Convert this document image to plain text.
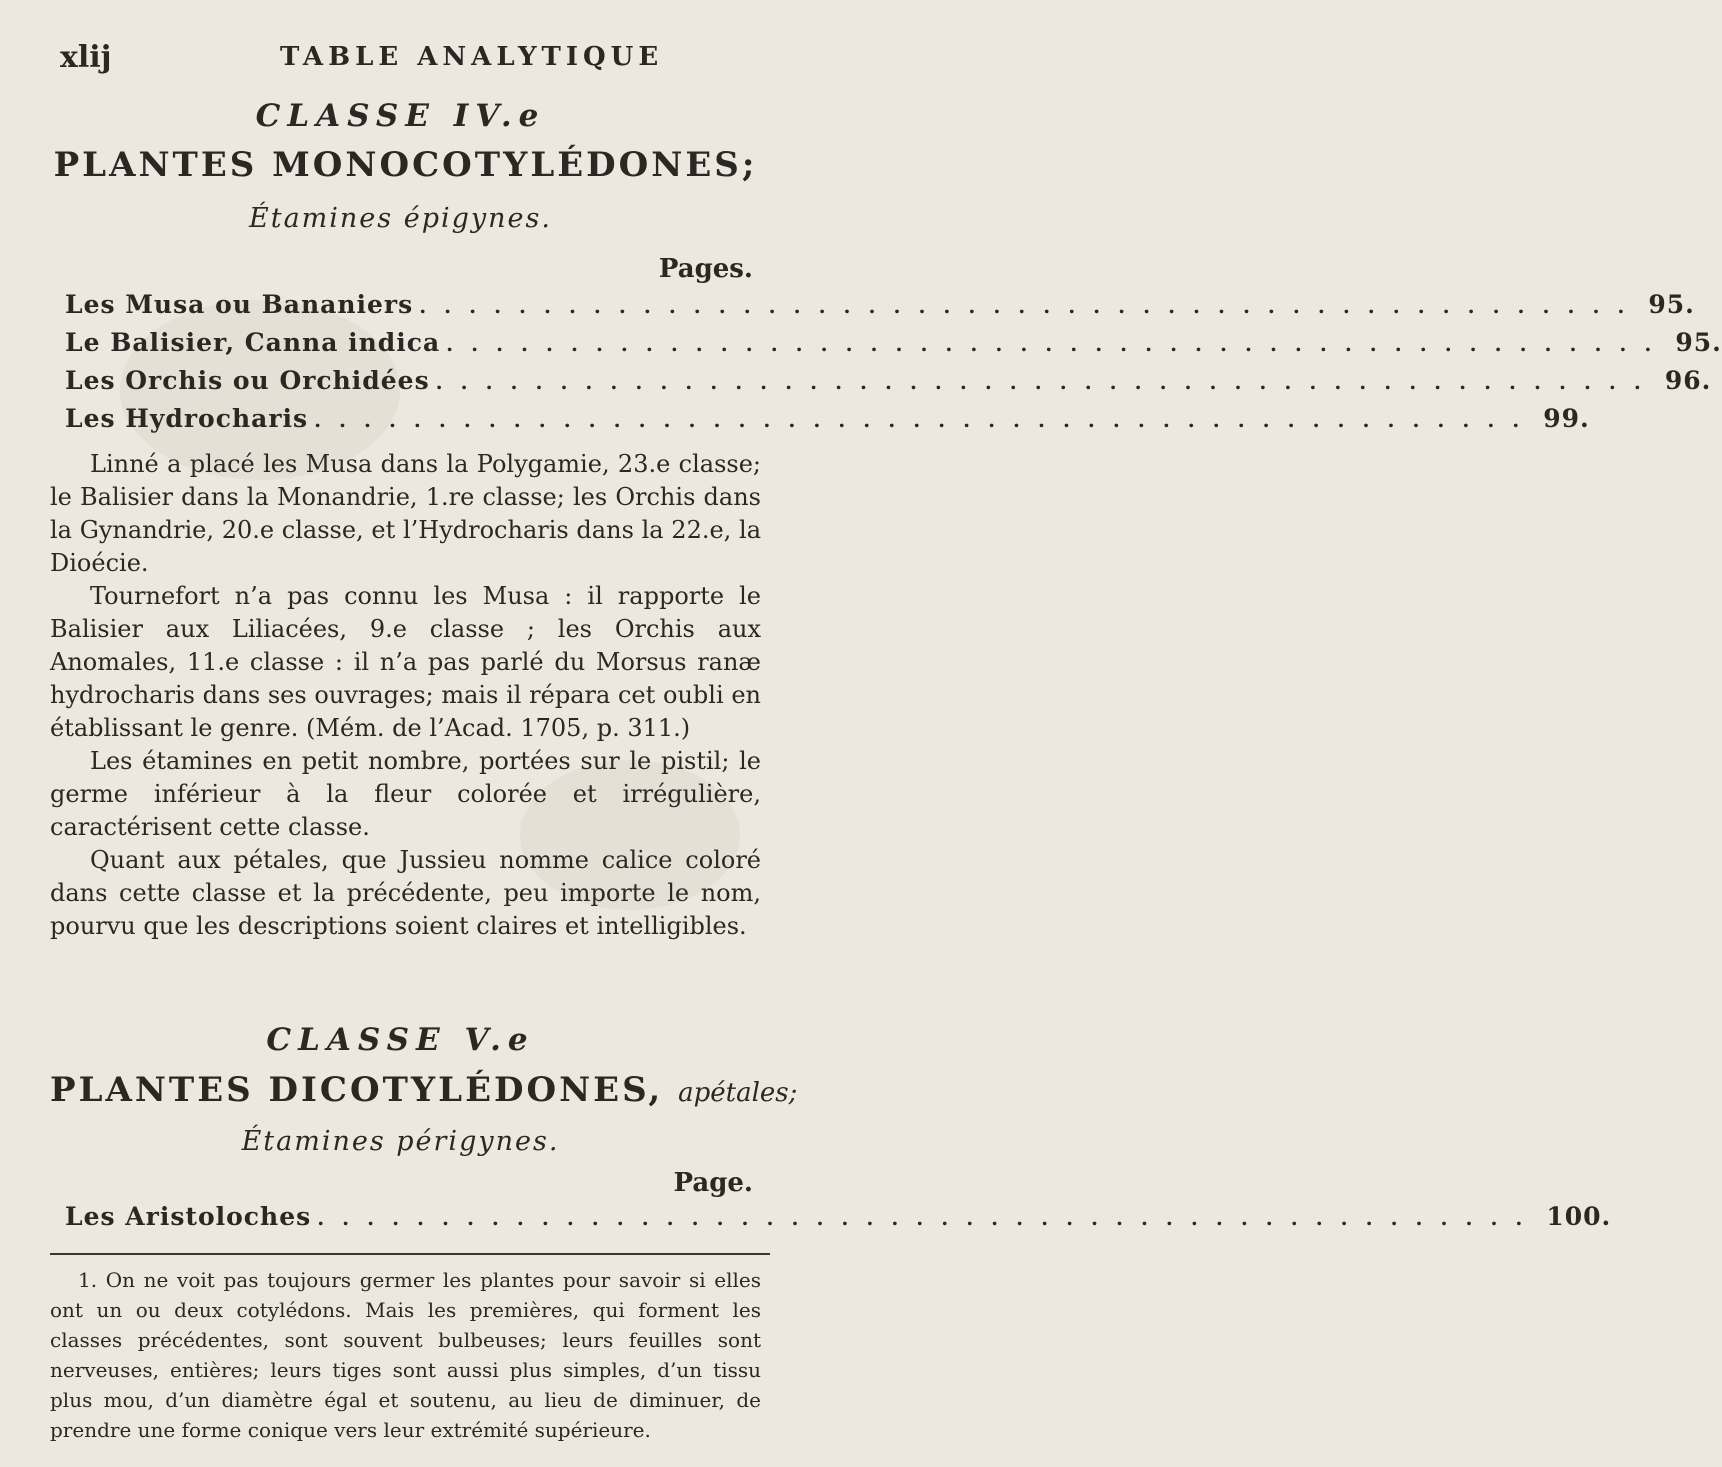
xlij	TABLE ANALYTIQUE
CLASSE IV.e
PLANTES MONOCOTYLÉDONES;
Étamines épigynes.
Pages.
Les Musa ou Bananiers ................................................. 95.
Le Balisier, Canna indica ................................................. 95.
Les Orchis ou Orchidées ................................................. 96.
Les Hydrocharis ................................................. 99.

Linné a placé les Musa dans la Polygamie, 23.e classe; le Balisier dans la Monandrie, 1.re classe; les Orchis dans la Gynandrie, 20.e classe, et l’Hydrocharis dans la 22.e, la Dioécie.

Tournefort n’a pas connu les Musa : il rapporte le Balisier aux Liliacées, 9.e classe ; les Orchis aux Anomales, 11.e classe : il n’a pas parlé du Morsus ranæ hydrocharis dans ses ouvrages; mais il répara cet oubli en établissant le genre. (Mém. de l’Acad. 1705, p. 311.)

Les étamines en petit nombre, portées sur le pistil; le germe inférieur à la fleur colorée et irrégulière, caractérisent cette classe.

Quant aux pétales, que Jussieu nomme calice coloré dans cette classe et la précédente, peu importe le nom, pourvu que les descriptions soient claires et intelligibles.

CLASSE V.e
PLANTES DICOTYLÉDONES, apétales;
Étamines périgynes.
Page.
Les Aristoloches ................................................. 100.

1. On ne voit pas toujours germer les plantes pour savoir si elles ont un ou deux cotylédons. Mais les premières, qui forment les classes précédentes, sont souvent bulbeuses; leurs feuilles sont nerveuses, entières; leurs tiges sont aussi plus simples, d’un tissu plus mou, d’un diamètre égal et soutenu, au lieu de diminuer, de prendre une forme conique vers leur extrémité supérieure.
